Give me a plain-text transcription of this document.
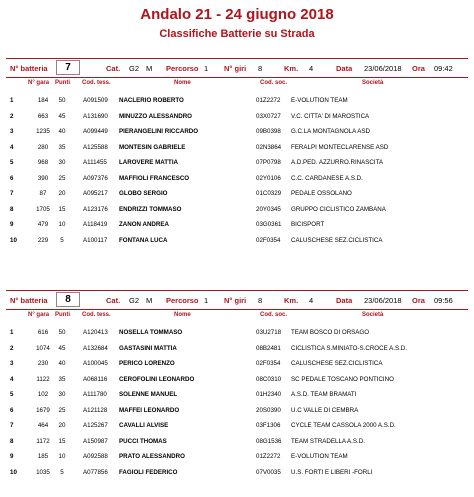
Andalo 21 - 24 giugno 2018
Classifiche Batterie su Strada
N° batteria	7	Cat. G2 M Percorso 1 N° giri 8	Km. 4	Data 23/06/2018 Ora 09:42
N° gara Punti Cod. tess.	Nome	Cod. soc.	Società
1	184	50	A091509 NACLERIO ROBERTO	01Z2272 E-VOLUTION TEAM
2	663	45	A131690 MINUZZO ALESSANDRO	03X0727 V.C. CITTA' DI MAROSTICA
3	1235	40	A099449 PIERANGELINI RICCARDO	09B0398 G.C.LA MONTAGNOLA ASD
4	280	35	A125588 MONTESIN GABRIELE	02N3864 FERALPI MONTECLARENSE ASD
5	968	30	A111455 LAROVERE MATTIA	07P0798 A.D.PED. AZZURRO.RINASCITA
6	390	25	A097376 MAFFIOLI FRANCESCO	02Y0106 C.C. CARDANESE A.S.D.
7	87	20	A095217 GLOBO SERGIO	01C0329 PEDALE OSSOLANO
8	1705	15	A123176 ENDRIZZI TOMMASO	20Y0345 GRUPPO CICLISTICO ZAMBANA
9	479	10	A118419 ZANON ANDREA	03G0361 BICISPORT
10	229	5	A100117 FONTANA LUCA	02F0354 CALUSCHESE SEZ.CICLISTICA
N° batteria	8	Cat. G2 M Percorso 1 N° giri 8	Km. 4	Data 23/06/2018 Ora 09:56
N° gara Punti Cod. tess.	Nome	Cod. soc.	Società
1	616	50	A120413 NOSELLA TOMMASO	03U2718 TEAM BOSCO DI ORSAGO
2	1074	45	A132684 GASTASINI MATTIA	08B2481 CICLISTICA S.MINIATO-S.CROCE A.S.D.
3	230	40	A100045 PERICO LORENZO	02F0354 CALUSCHESE SEZ.CICLISTICA
4	1122	35	A068116 CEROFOLINI LEONARDO	08C0310 SC PEDALE TOSCANO PONTICINO
5	102	30	A111780 SOLENNE MANUEL	01H2340 A.S.D. TEAM BRAMATI
6	1679	25	A121128 MAFFEI LEONARDO	20S0390 U.C VALLE DI CEMBRA
7	464	20	A125267 CAVALLI ALVISE	03F1306 CYCLE TEAM CASSOLA 2000 A.S.D.
8	1172	15	A150987 PUCCI THOMAS	08G1536 TEAM STRADELLA A.S.D.
9	185	10	A092588 PRATO ALESSANDRO	01Z2272 E-VOLUTION TEAM
10	1035	5	A077856 FAGIOLI FEDERICO	07V0035 U.S. FORTI E LIBERI -FORLI
